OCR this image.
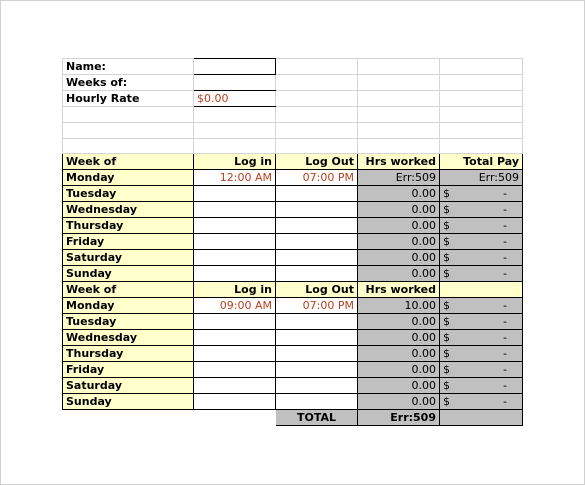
Name:				
Weeks of:				
Hourly Rate	$0.00			

Week of	Log in	Log Out	Hrs worked	Total Pay
Monday	12:00 AM	07:00 PM	Err:509	Err:509
Tuesday			0.00	$ -

Wednesday			0.00	$ -

Thursday			0.00	$ -

Friday			0.00	$ -

Saturday			0.00	$ -

Sunday			0.00	$ -

Week of	Log in	Log Out	Hrs worked	
Monday	09:00 AM	07:00 PM	10.00	$ -

Tuesday			0.00	$ -

Wednesday			0.00	$ -

Thursday			0.00	$ -

Friday			0.00	$ -

Saturday			0.00	$ -

Sunday			0.00	$ -

		TOTAL	Err:509	
